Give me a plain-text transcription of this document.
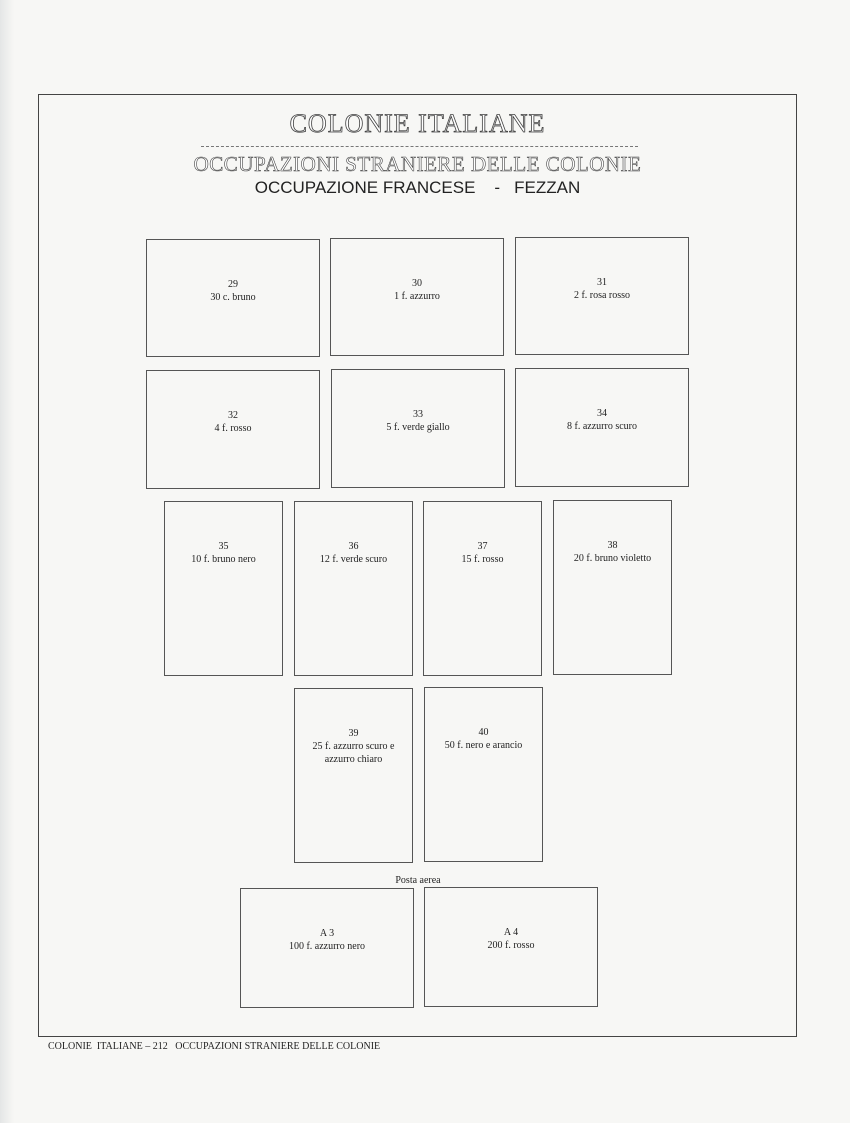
COLONIE ITALIANE
OCCUPAZIONI STRANIERE DELLE COLONIE
OCCUPAZIONE FRANCESE    -   FEZZAN
29
30 c. bruno
30
1 f. azzurro
31
2 f. rosa rosso
32
4 f. rosso
33
5 f. verde giallo
34
8 f. azzurro scuro
35
10 f. bruno nero
36
12 f. verde scuro
37
15 f. rosso
38
20 f. bruno violetto
39
25 f. azzurro scuro e azzurro chiaro
40
50 f. nero e arancio
Posta aerea
A 3
100 f. azzurro nero
A 4
200 f. rosso
COLONIE  ITALIANE – 212   OCCUPAZIONI STRANIERE DELLE COLONIE
